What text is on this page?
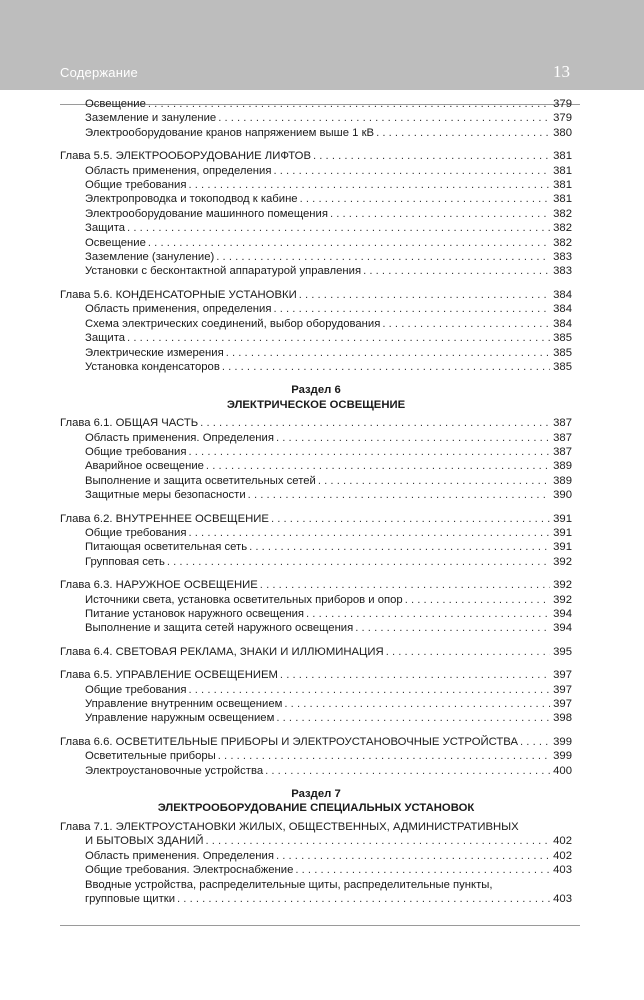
Содержание	13
Освещение . . .	379
Заземление и зануление . . .	379
Электрооборудование кранов напряжением выше 1 кВ . . .	380
Глава 5.5. ЭЛЕКТРООБОРУДОВАНИЕ ЛИФТОВ . . .	381
Область применения, определения . . .	381
Общие требования . . .	381
Электропроводка и токоподвод к кабине . . .	381
Электрооборудование машинного помещения . . .	382
Защита . . .	382
Освещение . . .	382
Заземление (зануление) . . .	383
Установки с бесконтактной аппаратурой управления . . .	383
Глава 5.6. КОНДЕНСАТОРНЫЕ УСТАНОВКИ . . .	384
Область применения, определения . . .	384
Схема электрических соединений, выбор оборудования . . .	384
Защита . . .	385
Электрические измерения . . .	385
Установка конденсаторов . . .	385
Раздел 6
ЭЛЕКТРИЧЕСКОЕ ОСВЕЩЕНИЕ
Глава 6.1. ОБЩАЯ ЧАСТЬ . . .	387
Область применения. Определения . . .	387
Общие требования . . .	387
Аварийное освещение . . .	389
Выполнение и защита осветительных сетей . . .	389
Защитные меры безопасности . . .	390
Глава 6.2. ВНУТРЕННЕЕ ОСВЕЩЕНИЕ . . .	391
Общие требования . . .	391
Питающая осветительная сеть . . .	391
Групповая сеть . . .	392
Глава 6.3. НАРУЖНОЕ ОСВЕЩЕНИЕ . . .	392
Источники света, установка осветительных приборов и опор . . .	392
Питание установок наружного освещения . . .	394
Выполнение и защита сетей наружного освещения . . .	394
Глава 6.4. СВЕТОВАЯ РЕКЛАМА, ЗНАКИ И ИЛЛЮМИНАЦИЯ . . .	395
Глава 6.5. УПРАВЛЕНИЕ ОСВЕЩЕНИЕМ . . .	397
Общие требования . . .	397
Управление внутренним освещением . . .	397
Управление наружным освещением . . .	398
Глава 6.6. ОСВЕТИТЕЛЬНЫЕ ПРИБОРЫ И ЭЛЕКТРОУСТАНОВОЧНЫЕ УСТРОЙСТВА . . .	399
Осветительные приборы . . .	399
Электроустановочные устройства . . .	400
Раздел 7
ЭЛЕКТРООБОРУДОВАНИЕ СПЕЦИАЛЬНЫХ УСТАНОВОК
Глава 7.1. ЭЛЕКТРОУСТАНОВКИ ЖИЛЫХ, ОБЩЕСТВЕННЫХ, АДМИНИСТРАТИВНЫХ
И БЫТОВЫХ ЗДАНИЙ . . .	402
Область применения. Определения . . .	402
Общие требования. Электроснабжение . . .	403
Вводные устройства, распределительные щиты, распределительные пункты,
групповые щитки . . .	403
